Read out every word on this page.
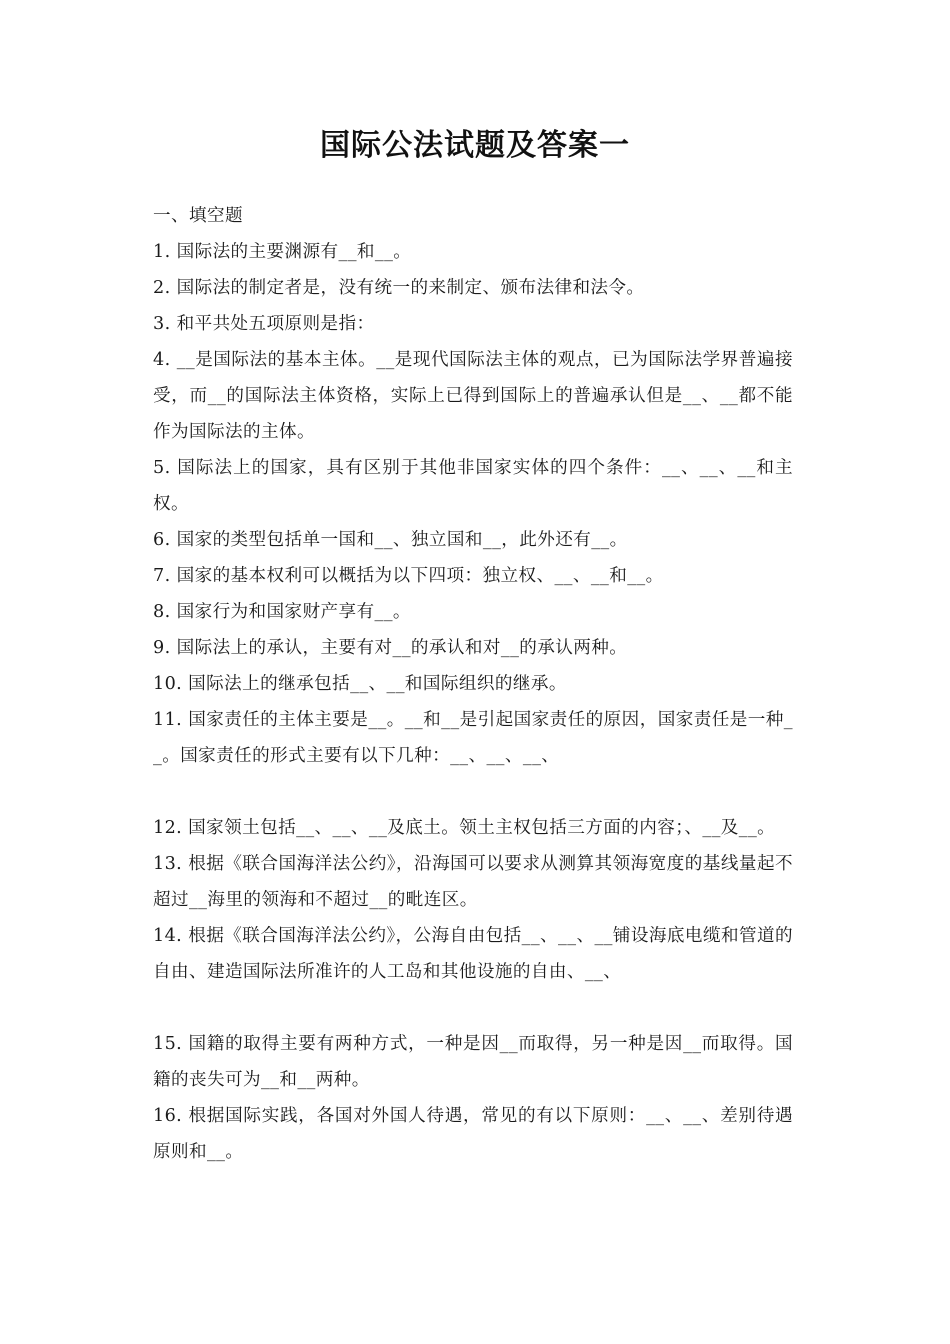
国际公法试题及答案一

一、填空题

1. 国际法的主要渊源有__和__。

2. 国际法的制定者是，没有统一的来制定、颁布法律和法令。

3. 和平共处五项原则是指：

4. __是国际法的基本主体。__是现代国际法主体的观点，已为国际法学界普遍接受，而__的国际法主体资格，实际上已得到国际上的普遍承认但是__、__都不能作为国际法的主体。

5. 国际法上的国家，具有区别于其他非国家实体的四个条件：__、__、__和主权。

6. 国家的类型包括单一国和__、独立国和__，此外还有__。

7. 国家的基本权利可以概括为以下四项：独立权、__、__和__。

8. 国家行为和国家财产享有__。

9. 国际法上的承认，主要有对__的承认和对__的承认两种。

10. 国际法上的继承包括__、__和国际组织的继承。

11. 国家责任的主体主要是__。__和__是引起国家责任的原因，国家责任是一种__。国家责任的形式主要有以下几种：__、__、__、

12. 国家领土包括__、__、__及底土。领土主权包括三方面的内容；、__及__。

13. 根据《联合国海洋法公约》，沿海国可以要求从测算其领海宽度的基线量起不超过__海里的领海和不超过__的毗连区。

14. 根据《联合国海洋法公约》，公海自由包括__、__、__铺设海底电缆和管道的自由、建造国际法所准许的人工岛和其他设施的自由、__、

15. 国籍的取得主要有两种方式，一种是因__而取得，另一种是因__而取得。国籍的丧失可为__和__两种。

16. 根据国际实践，各国对外国人待遇，常见的有以下原则：__、__、差别待遇原则和__。
